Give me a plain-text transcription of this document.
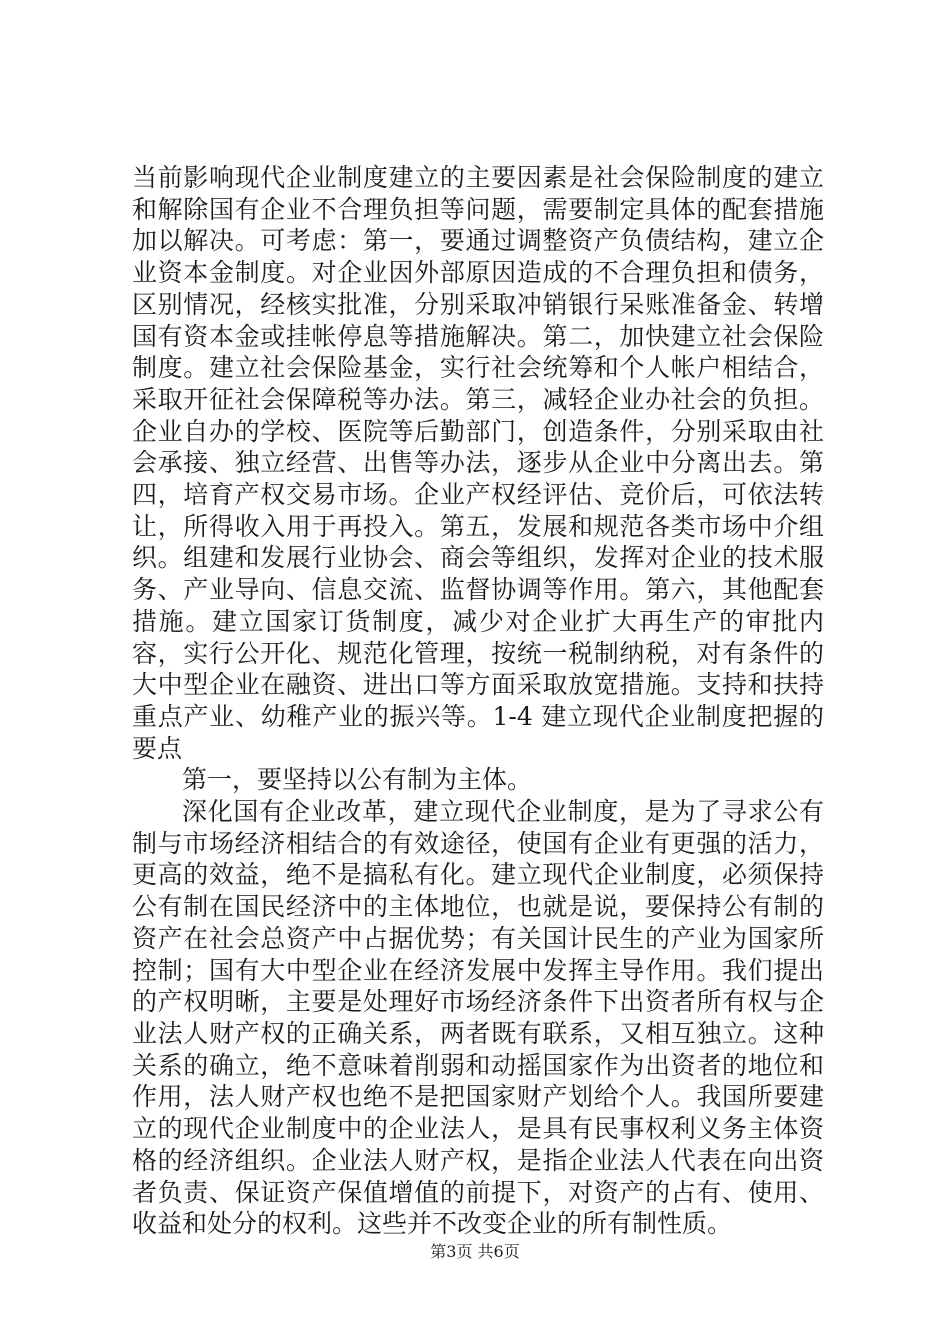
当前影响现代企业制度建立的主要因素是社会保险制度的建立和解除国有企业不合理负担等问题，需要制定具体的配套措施加以解决。可考虑：第一，要通过调整资产负债结构，建立企业资本金制度。对企业因外部原因造成的不合理负担和债务，区别情况，经核实批准，分别采取冲销银行呆账准备金、转增国有资本金或挂帐停息等措施解决。第二，加快建立社会保险制度。建立社会保险基金，实行社会统筹和个人帐户相结合，采取开征社会保障税等办法。第三，减轻企业办社会的负担。企业自办的学校、医院等后勤部门，创造条件，分别采取由社会承接、独立经营、出售等办法，逐步从企业中分离出去。第四，培育产权交易市场。企业产权经评估、竞价后，可依法转让，所得收入用于再投入。第五，发展和规范各类市场中介组织。组建和发展行业协会、商会等组织，发挥对企业的技术服务、产业导向、信息交流、监督协调等作用。第六，其他配套措施。建立国家订货制度，减少对企业扩大再生产的审批内容，实行公开化、规范化管理，按统一税制纳税，对有条件的大中型企业在融资、进出口等方面采取放宽措施。支持和扶持重点产业、幼稚产业的振兴等。1-4 建立现代企业制度把握的要点

第一，要坚持以公有制为主体。

深化国有企业改革，建立现代企业制度，是为了寻求公有制与市场经济相结合的有效途径，使国有企业有更强的活力，更高的效益，绝不是搞私有化。建立现代企业制度，必须保持公有制在国民经济中的主体地位，也就是说，要保持公有制的资产在社会总资产中占据优势；有关国计民生的产业为国家所控制；国有大中型企业在经济发展中发挥主导作用。我们提出的产权明晰，主要是处理好市场经济条件下出资者所有权与企业法人财产权的正确关系，两者既有联系，又相互独立。这种关系的确立，绝不意味着削弱和动摇国家作为出资者的地位和作用，法人财产权也绝不是把国家财产划给个人。我国所要建立的现代企业制度中的企业法人，是具有民事权利义务主体资格的经济组织。企业法人财产权，是指企业法人代表在向出资者负责、保证资产保值增值的前提下，对资产的占有、使用、收益和处分的权利。这些并不改变企业的所有制性质。

第3页 共6页
